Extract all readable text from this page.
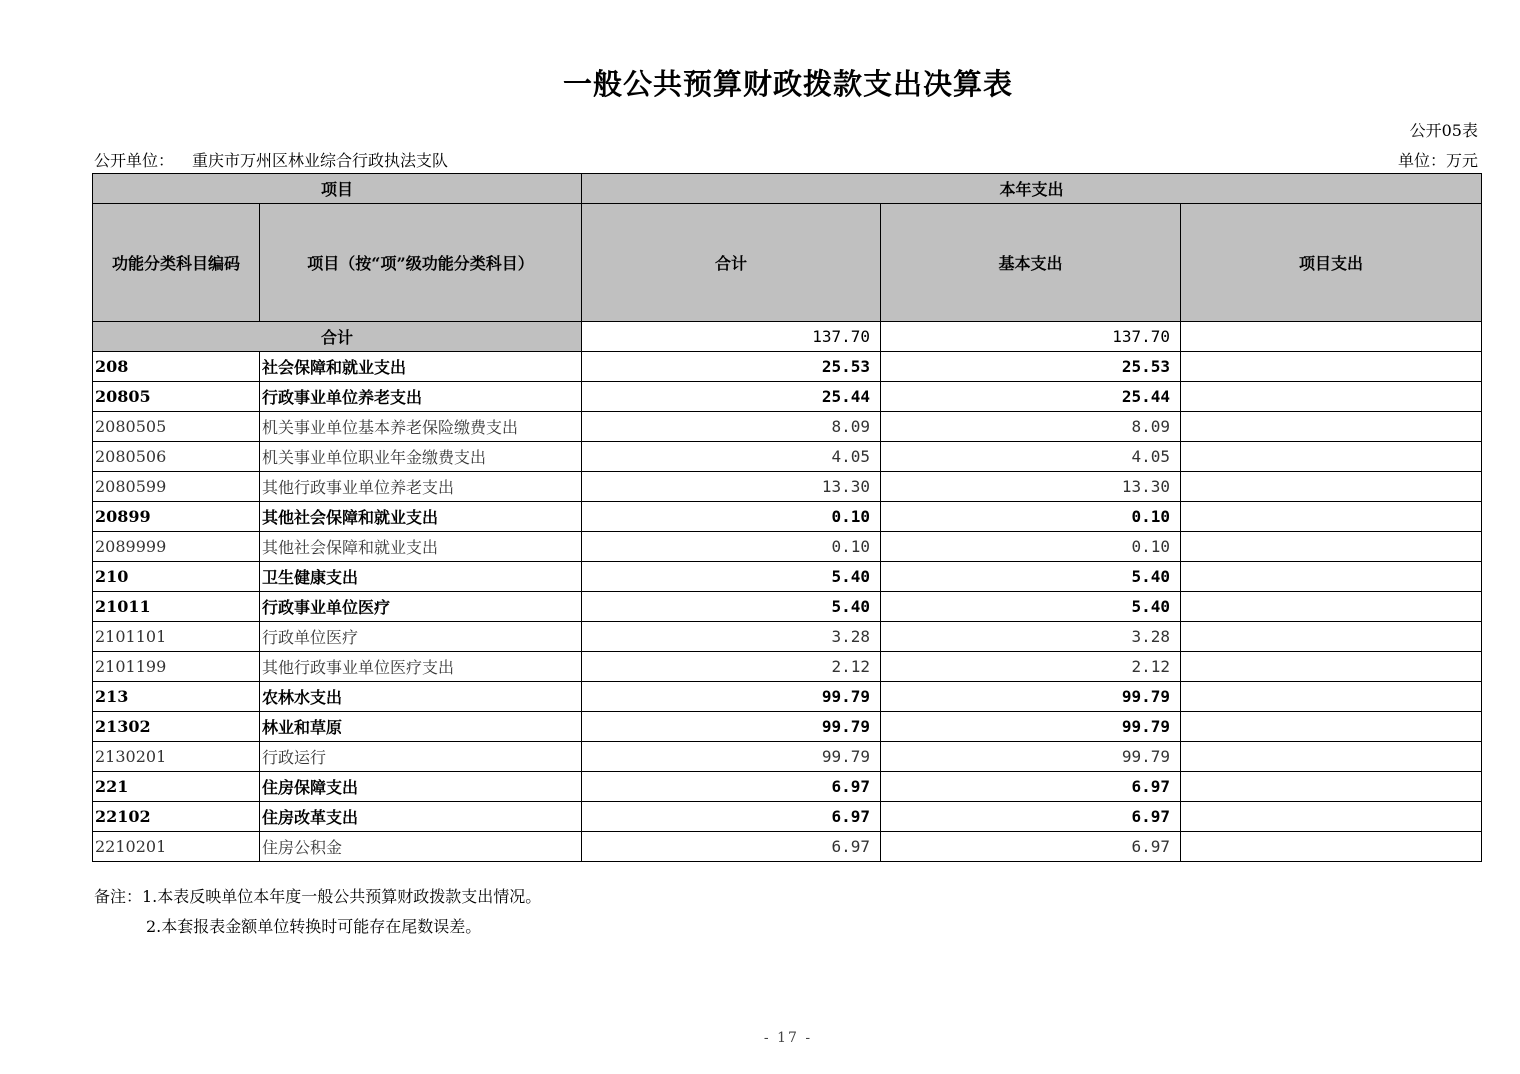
一般公共预算财政拨款支出决算表
公开05表
公开单位： 重庆市万州区林业综合行政执法支队	单位：万元
项目		本年支出		
功能分类科目编码	项目（按“项”级功能分类科目）	合计	基本支出	项目支出
合计		137.70	137.70	
208	社会保障和就业支出	25.53	25.53	
20805	行政事业单位养老支出	25.44	25.44	
2080505	机关事业单位基本养老保险缴费支出	8.09	8.09	
2080506	机关事业单位职业年金缴费支出	4.05	4.05	
2080599	其他行政事业单位养老支出	13.30	13.30	
20899	其他社会保障和就业支出	0.10	0.10	
2089999	其他社会保障和就业支出	0.10	0.10	
210	卫生健康支出	5.40	5.40	
21011	行政事业单位医疗	5.40	5.40	
2101101	行政单位医疗	3.28	3.28	
2101199	其他行政事业单位医疗支出	2.12	2.12	
213	农林水支出	99.79	99.79	
21302	林业和草原	99.79	99.79	
2130201	行政运行	99.79	99.79	
221	住房保障支出	6.97	6.97	
22102	住房改革支出	6.97	6.97	
2210201	住房公积金	6.97	6.97	
备注：1.本表反映单位本年度一般公共预算财政拨款支出情况。
2.本套报表金额单位转换时可能存在尾数误差。
- 17 -
